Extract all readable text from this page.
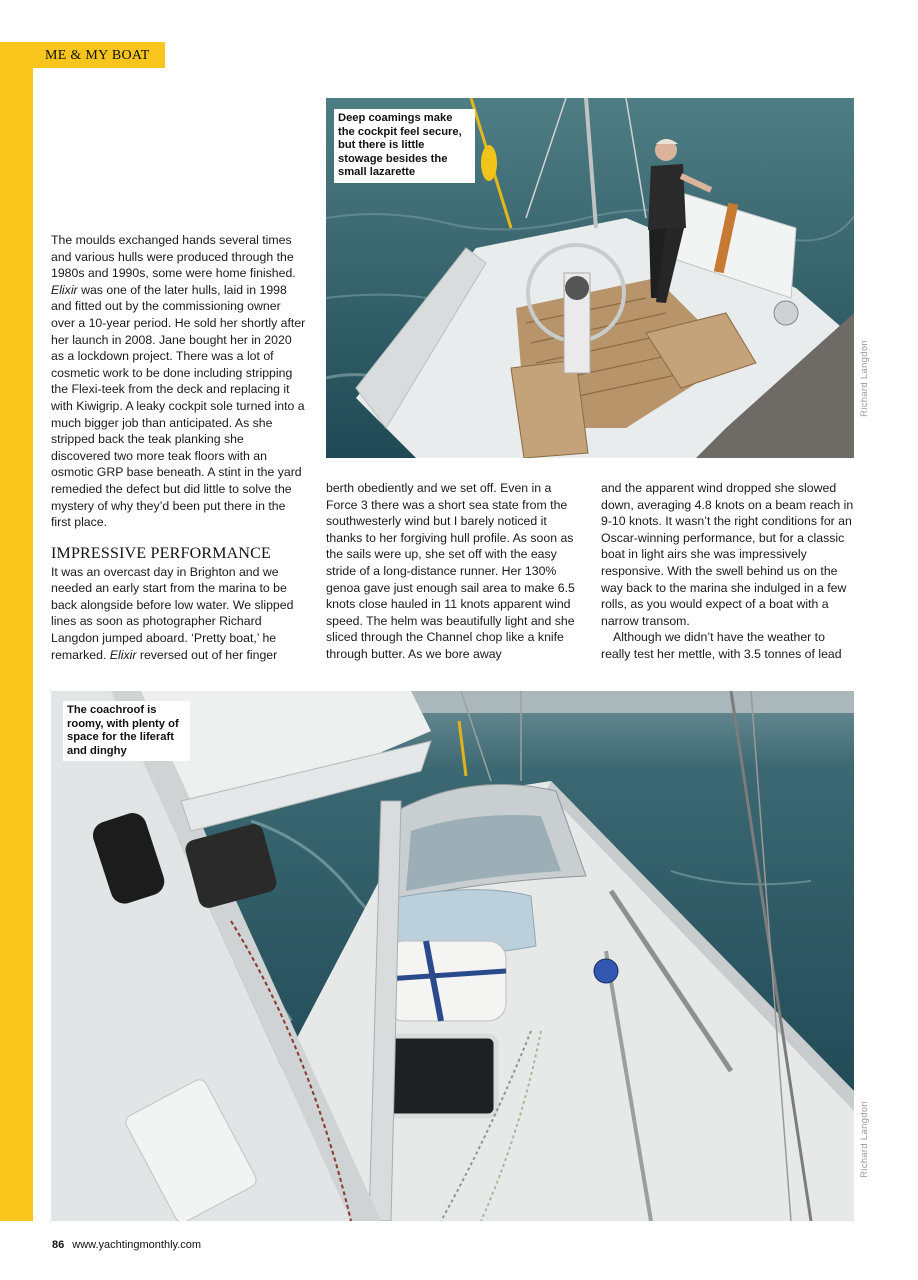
ME & MY BOAT
Deep coamings make the cockpit feel secure, but there is little stowage besides the small lazarette
Richard Langdon

The moulds exchanged hands several times and various hulls were produced through the 1980s and 1990s, some were home finished. Elixir was one of the later hulls, laid in 1998 and fitted out by the commissioning owner over a 10-year period. He sold her shortly after her launch in 2008. Jane bought her in 2020 as a lockdown project. There was a lot of cosmetic work to be done including stripping the Flexi-teek from the deck and replacing it with Kiwigrip. A leaky cockpit sole turned into a much bigger job than anticipated. As she stripped back the teak planking she discovered two more teak floors with an osmotic GRP base beneath. A stint in the yard remedied the defect but did little to solve the mystery of why they’d been put there in the first place.

IMPRESSIVE PERFORMANCE

It was an overcast day in Brighton and we needed an early start from the marina to be back alongside before low water. We slipped lines as soon as photographer Richard Langdon jumped aboard. ‘Pretty boat,’ he remarked. Elixir reversed out of her finger

berth obediently and we set off. Even in a Force 3 there was a short sea state from the southwesterly wind but I barely noticed it thanks to her forgiving hull profile. As soon as the sails were up, she set off with the easy stride of a long-distance runner. Her 130% genoa gave just enough sail area to make 6.5 knots close hauled in 11 knots apparent wind speed. The helm was beautifully light and she sliced through the Channel chop like a knife through butter. As we bore away

and the apparent wind dropped she slowed down, averaging 4.8 knots on a beam reach in 9-10 knots. It wasn’t the right conditions for an Oscar-winning performance, but for a classic boat in light airs she was impressively responsive. With the swell behind us on the way back to the marina she indulged in a few rolls, as you would expect of a boat with a narrow transom.

Although we didn’t have the weather to really test her mettle, with 3.5 tonnes of lead

The coachroof is roomy, with plenty of space for the liferaft and dinghy
Richard Langdon
86 www.yachtingmonthly.com
